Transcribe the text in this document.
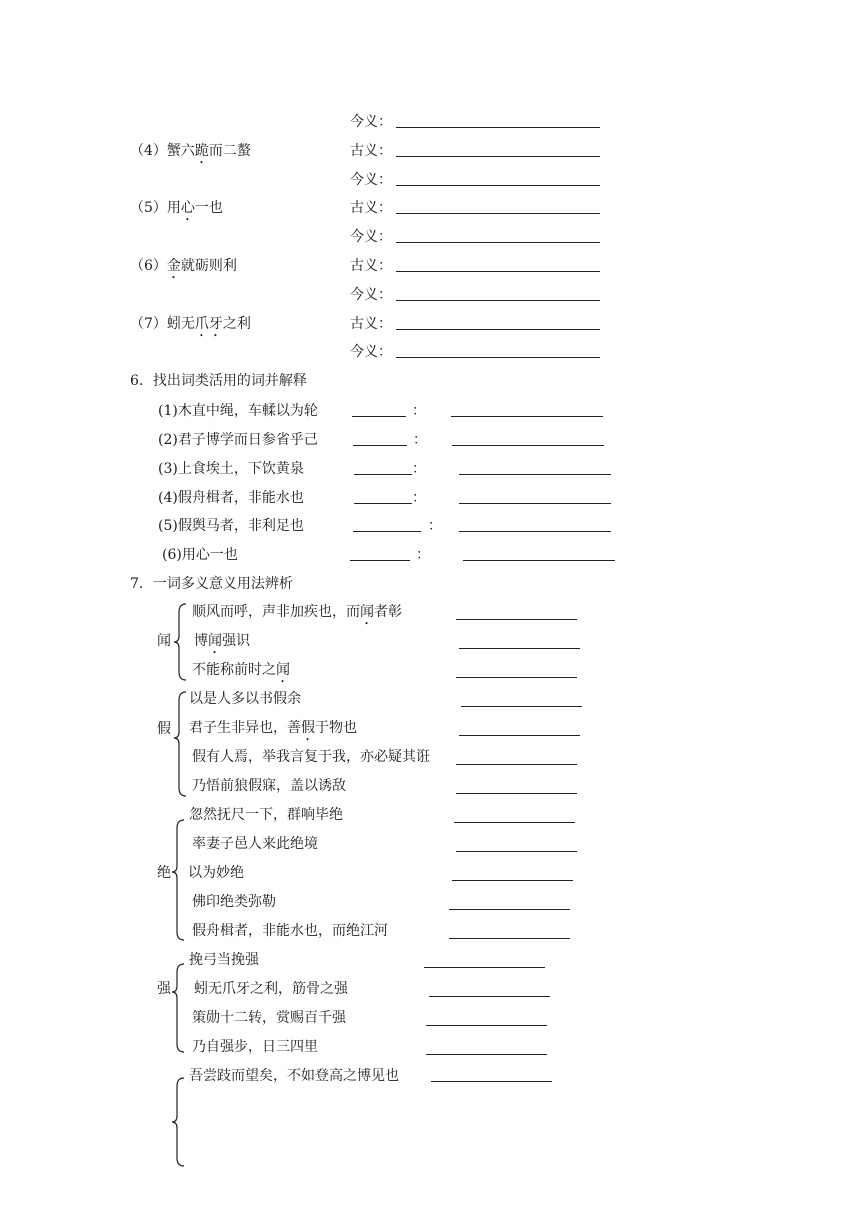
今义：
（4）蟹六跪而二螯	古义：
今义：
（5）用心一也	古义：
今义：
（6）金就砺则利	古义：
今义：
（7）蚓无爪牙之利	古义：
今义：
6．找出词类活用的词并解释
(1)木直中绳，车輮以为轮	：
(2)君子博学而日参省乎己	：
(3)上食埃土，下饮黄泉	：
(4)假舟楫者，非能水也	：
(5)假舆马者，非利足也	：
(6)用心一也	：
7．一词多义意义用法辨析
闻
顺风而呼，声非加疾也，而闻者彰
博闻强识
不能称前时之闻
假
以是人多以书假余
君子生非异也，善假于物也
假有人焉，举我言复于我，亦必疑其诳
乃悟前狼假寐，盖以诱敌
绝
忽然抚尺一下，群响毕绝
率妻子邑人来此绝境
以为妙绝
佛印绝类弥勒
假舟楫者，非能水也，而绝江河
强
挽弓当挽强
蚓无爪牙之利，筋骨之强
策勋十二转，赏赐百千强
乃自强步，日三四里
吾尝跂而望矣，不如登高之博见也
